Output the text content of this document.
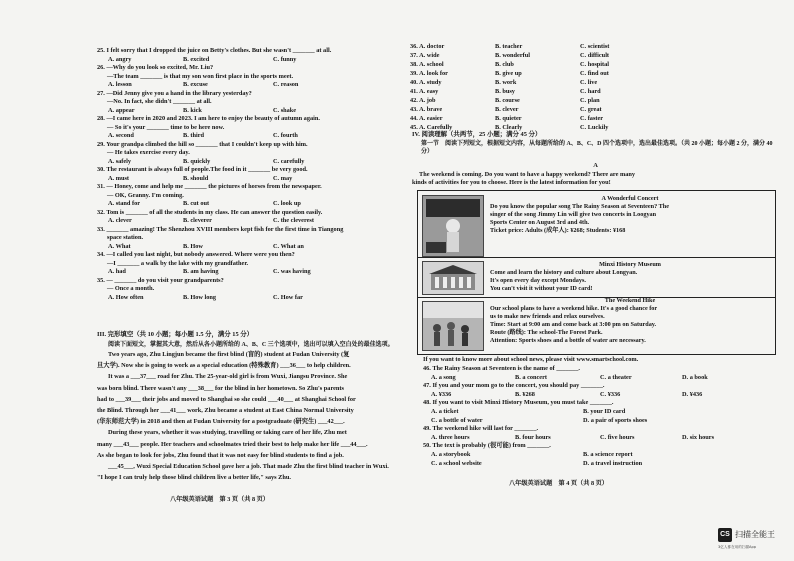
25. I felt sorry that I dropped the juice on Betty's clothes. But she wasn't _______ at all.
A. angry	B. excited	C. funny
26. —Why do you look so excited, Mr. Liu?
—The team _______ is that my son won first place in the sports meet.
A. lesson	B. excuse	C. reason
27. —Did Jenny give you a hand in the library yesterday?
—No. In fact, she didn't _______ at all.
A. appear	B. kick	C. shake
28. —I came here in 2020 and 2023. I am here to enjoy the beauty of autumn again.
— So it's your _______ time to be here now.
A. second	B. third	C. fourth
29. Your grandpa climbed the hill so _______ that I couldn't keep up with him.
— He takes exercise every day.
A. safely	B. quickly	C. carefully
30. The restaurant is always full of people.The food in it _______ be very good.
A. must	B. should	C. may
31. — Honey, come and help me _______ the pictures of horses from the newspaper.
— OK, Granny. I'm coming.
A. stand for	B. cut out	C. look up
32. Tom is _______ of all the students in my class. He can answer the question easily.
A. clever	B. cleverer	C. the cleverest
33. _______ amazing! The Shenzhou XVIII members kept fish for the first time in Tiangong
space station.
A. What	B. How	C. What an
34. —I called you last night, but nobody answered. Where were you then?
—I _______ a walk by the lake with my grandfather.
A. had	B. am having	C. was having
35. — _______ do you visit your grandparents?
— Once a month.
A. How often	B. How long	C. How far
III. 完形填空（共 10 小题；每小题 1.5 分，满分 15 分）
阅读下面短文，掌握其大意，然后从各小题所给的 A、B、C 三个选项中，选出可以填入空白处的最佳选项。
Two years ago, Zhu Lingjun became the first blind (盲的) student at Fudan University (复
旦大学). Now she is going to work as a special education (特殊教育) ___36___ to help children.
It was a ___37___ road for Zhu. The 25-year-old girl is from Wuxi, Jiangsu Province. She
was born blind. There wasn't any ___38___ for the blind in her hometown. So Zhu's parents
had to ___39___ their jobs and moved to Shanghai so she could ___40___ at Shanghai School for
the Blind. Through her ___41___ work, Zhu became a student at East China Normal University
(华东师范大学) in 2018 and then at Fudan University for a postgraduate (研究生) ___42___.
During these years, whether it was studying, travelling or taking care of her life, Zhu met
many ___43___ people. Her teachers and schoolmates tried their best to help make her life ___44___.
As she began to look for jobs, Zhu found that it was not easy for blind students to find a job.
___45___, Wuxi Special Education School gave her a job. That made Zhu the first blind teacher in Wuxi.
"I hope I can truly help those blind children live a better life," says Zhu.
八年级英语试题　第 3 页（共 8 页）
36. A. doctor	B. teacher	C. scientist
37. A. wide	B. wonderful	C. difficult
38. A. school	B. club	C. hospital
39. A. look for	B. give up	C. find out
40. A. study	B. work	C. live
41. A. easy	B. busy	C. hard
42. A. job	B. course	C. plan
43. A. brave	B. clever	C. great
44. A. easier	B. quieter	C. faster
45. A. Carefully	B. Clearly	C. Luckily
IV. 阅读理解（共两节，25 小题；满分 45 分）
第一节　阅读下列短文，根据短文内容，从每题所给的 A、B、C、D 四个选项中，选出最佳选项。（共 20 小题；每小题 2 分，满分 40 分）
A
The weekend is coming. Do you want to have a happy weekend? There are many
kinds of activities for you to choose. Here is the latest information for you!
A Wonderful Concert
Do you know the popular song The Rainy Season at Seventeen? The
singer of the song Jimmy Lin will give two concerts in Loogyan
Sports Center on August 3rd and 4th.
Ticket price: Adults (成年人): ¥268; Students: ¥168
Minxi History Museum
Come and learn the history and culture about Longyan.
It's open every day except Mondays.
You can't visit it without your ID card!
The Weekend Hike
Our school plans to have a weekend hike. It's a good chance for
us to make new friends and relax ourselves.
Time: Start at 9:00 am and come back at 3:00 pm on Saturday.
Route (路线): The school-The Forest Park.
Attention: Sports shoes and a bottle of water are necessary.
If you want to know more about school news, please visit www.smartschool.com.
46. The Rainy Season at Seventeen is the name of _______.
A. a song	B. a concert	C. a theater	D. a book
47. If you and your mom go to the concert, you should pay _______.
A. ¥336	B. ¥268	C. ¥336	D. ¥436
48. If you want to visit Minxi History Museum, you must take _______.
A. a ticket	B. your ID card
C. a bottle of water	D. a pair of sports shoes
49. The weekend hike will last for _______.
A. three hours	B. four hours	C. five hours	D. six hours
50. The text is probably (很可能) from _______.
A. a storybook	B. a science report
C. a school website	D. a travel instruction
八年级英语试题　第 4 页（共 8 页）
CS 扫描全能王
3亿人都在用的扫描App
